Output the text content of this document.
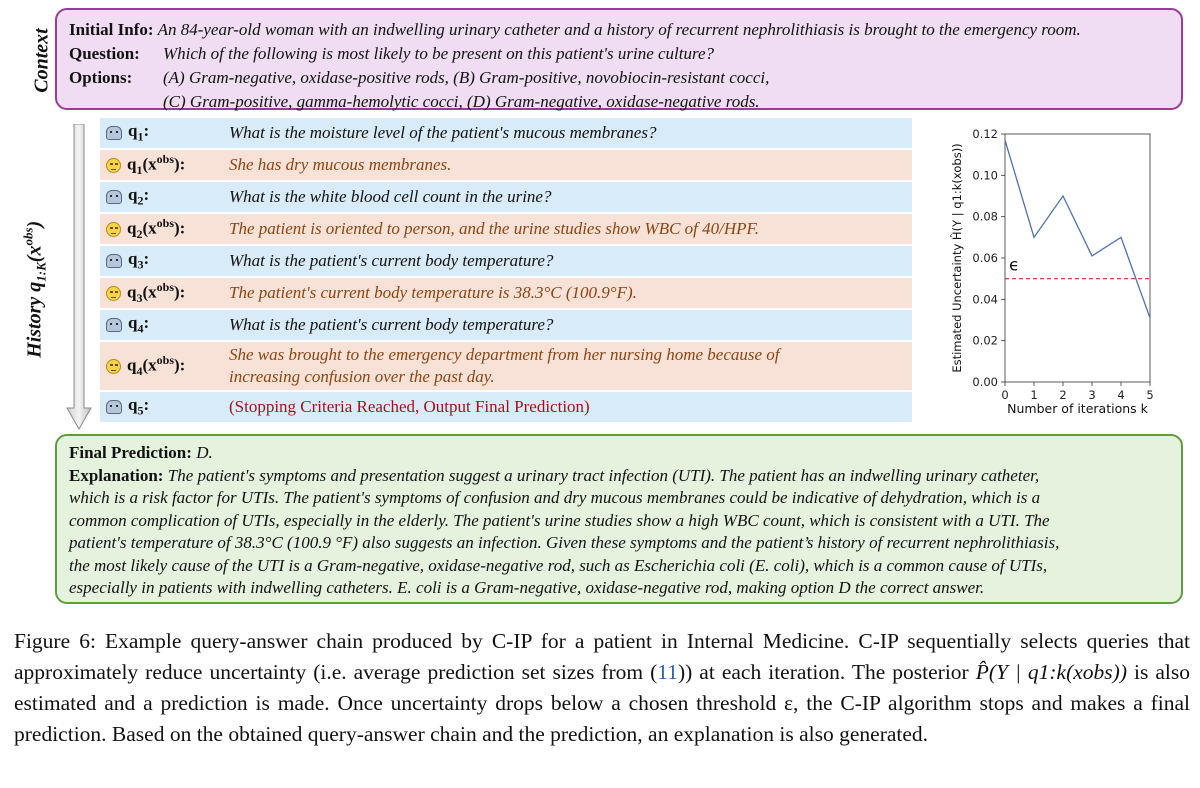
Context
History $q_{1:K}(x^{obs})$
Initial Info: An 84-year-old woman with an indwelling urinary catheter and a history of recurrent nephrolithiasis is brought to the emergency room.
Question:	Which of the following is most likely to be present on this patient's urine culture?
Options:	(A) Gram-negative, oxidase-positive rods, (B) Gram-positive, novobiocin-resistant cocci,
(C) Gram-positive, gamma-hemolytic cocci, (D) Gram-negative, oxidase-negative rods.
$q_1$:	What is the moisture level of the patient's mucous membranes?
$q_1(x^{obs})$:	She has dry mucous membranes.
$q_2$:	What is the white blood cell count in the urine?
$q_2(x^{obs})$:	The patient is oriented to person, and the urine studies show WBC of 40/HPF.
$q_3$:	What is the patient's current body temperature?
$q_3(x^{obs})$:	The patient's current body temperature is 38.3°C (100.9°F).
$q_4$:	What is the patient's current body temperature?
$q_4(x^{obs})$:
She was brought to the emergency department from her nursing home because of
increasing confusion over the past day.
$q_5$:	(Stopping Criteria Reached, Output Final Prediction)
0.00
0.02
0.04
0.06
0.08
0.10
0.12
0 1 2 3 4 5
ϵ
Number of iterations k
Estimated Uncertainty Ĥ(Y | q1:k(xobs))
Final Prediction: D.
Explanation: The patient's symptoms and presentation suggest a urinary tract infection (UTI). The patient has an indwelling urinary catheter,
which is a risk factor for UTIs. The patient's symptoms of confusion and dry mucous membranes could be indicative of dehydration, which is a
common complication of UTIs, especially in the elderly. The patient's urine studies show a high WBC count, which is consistent with a UTI. The
patient's temperature of 38.3°C (100.9 °F) also suggests an infection. Given these symptoms and the patient’s history of recurrent nephrolithiasis,
the most likely cause of the UTI is a Gram-negative, oxidase-negative rod, such as Escherichia coli (E. coli), which is a common cause of UTIs,
especially in patients with indwelling catheters. E. coli is a Gram-negative, oxidase-negative rod, making option D the correct answer.
Figure 6: Example query-answer chain produced by C-IP for a patient in Internal Medicine. C-IP sequentially selects queries that approximately reduce uncertainty (i.e. average prediction set sizes from (11)) at each iteration. The posterior P̂(Y | q1:k(xobs)) is also estimated and a prediction is made. Once uncertainty drops below a chosen threshold ε, the C-IP algorithm stops and makes a final prediction. Based on the obtained query-answer chain and the prediction, an explanation is also generated.
